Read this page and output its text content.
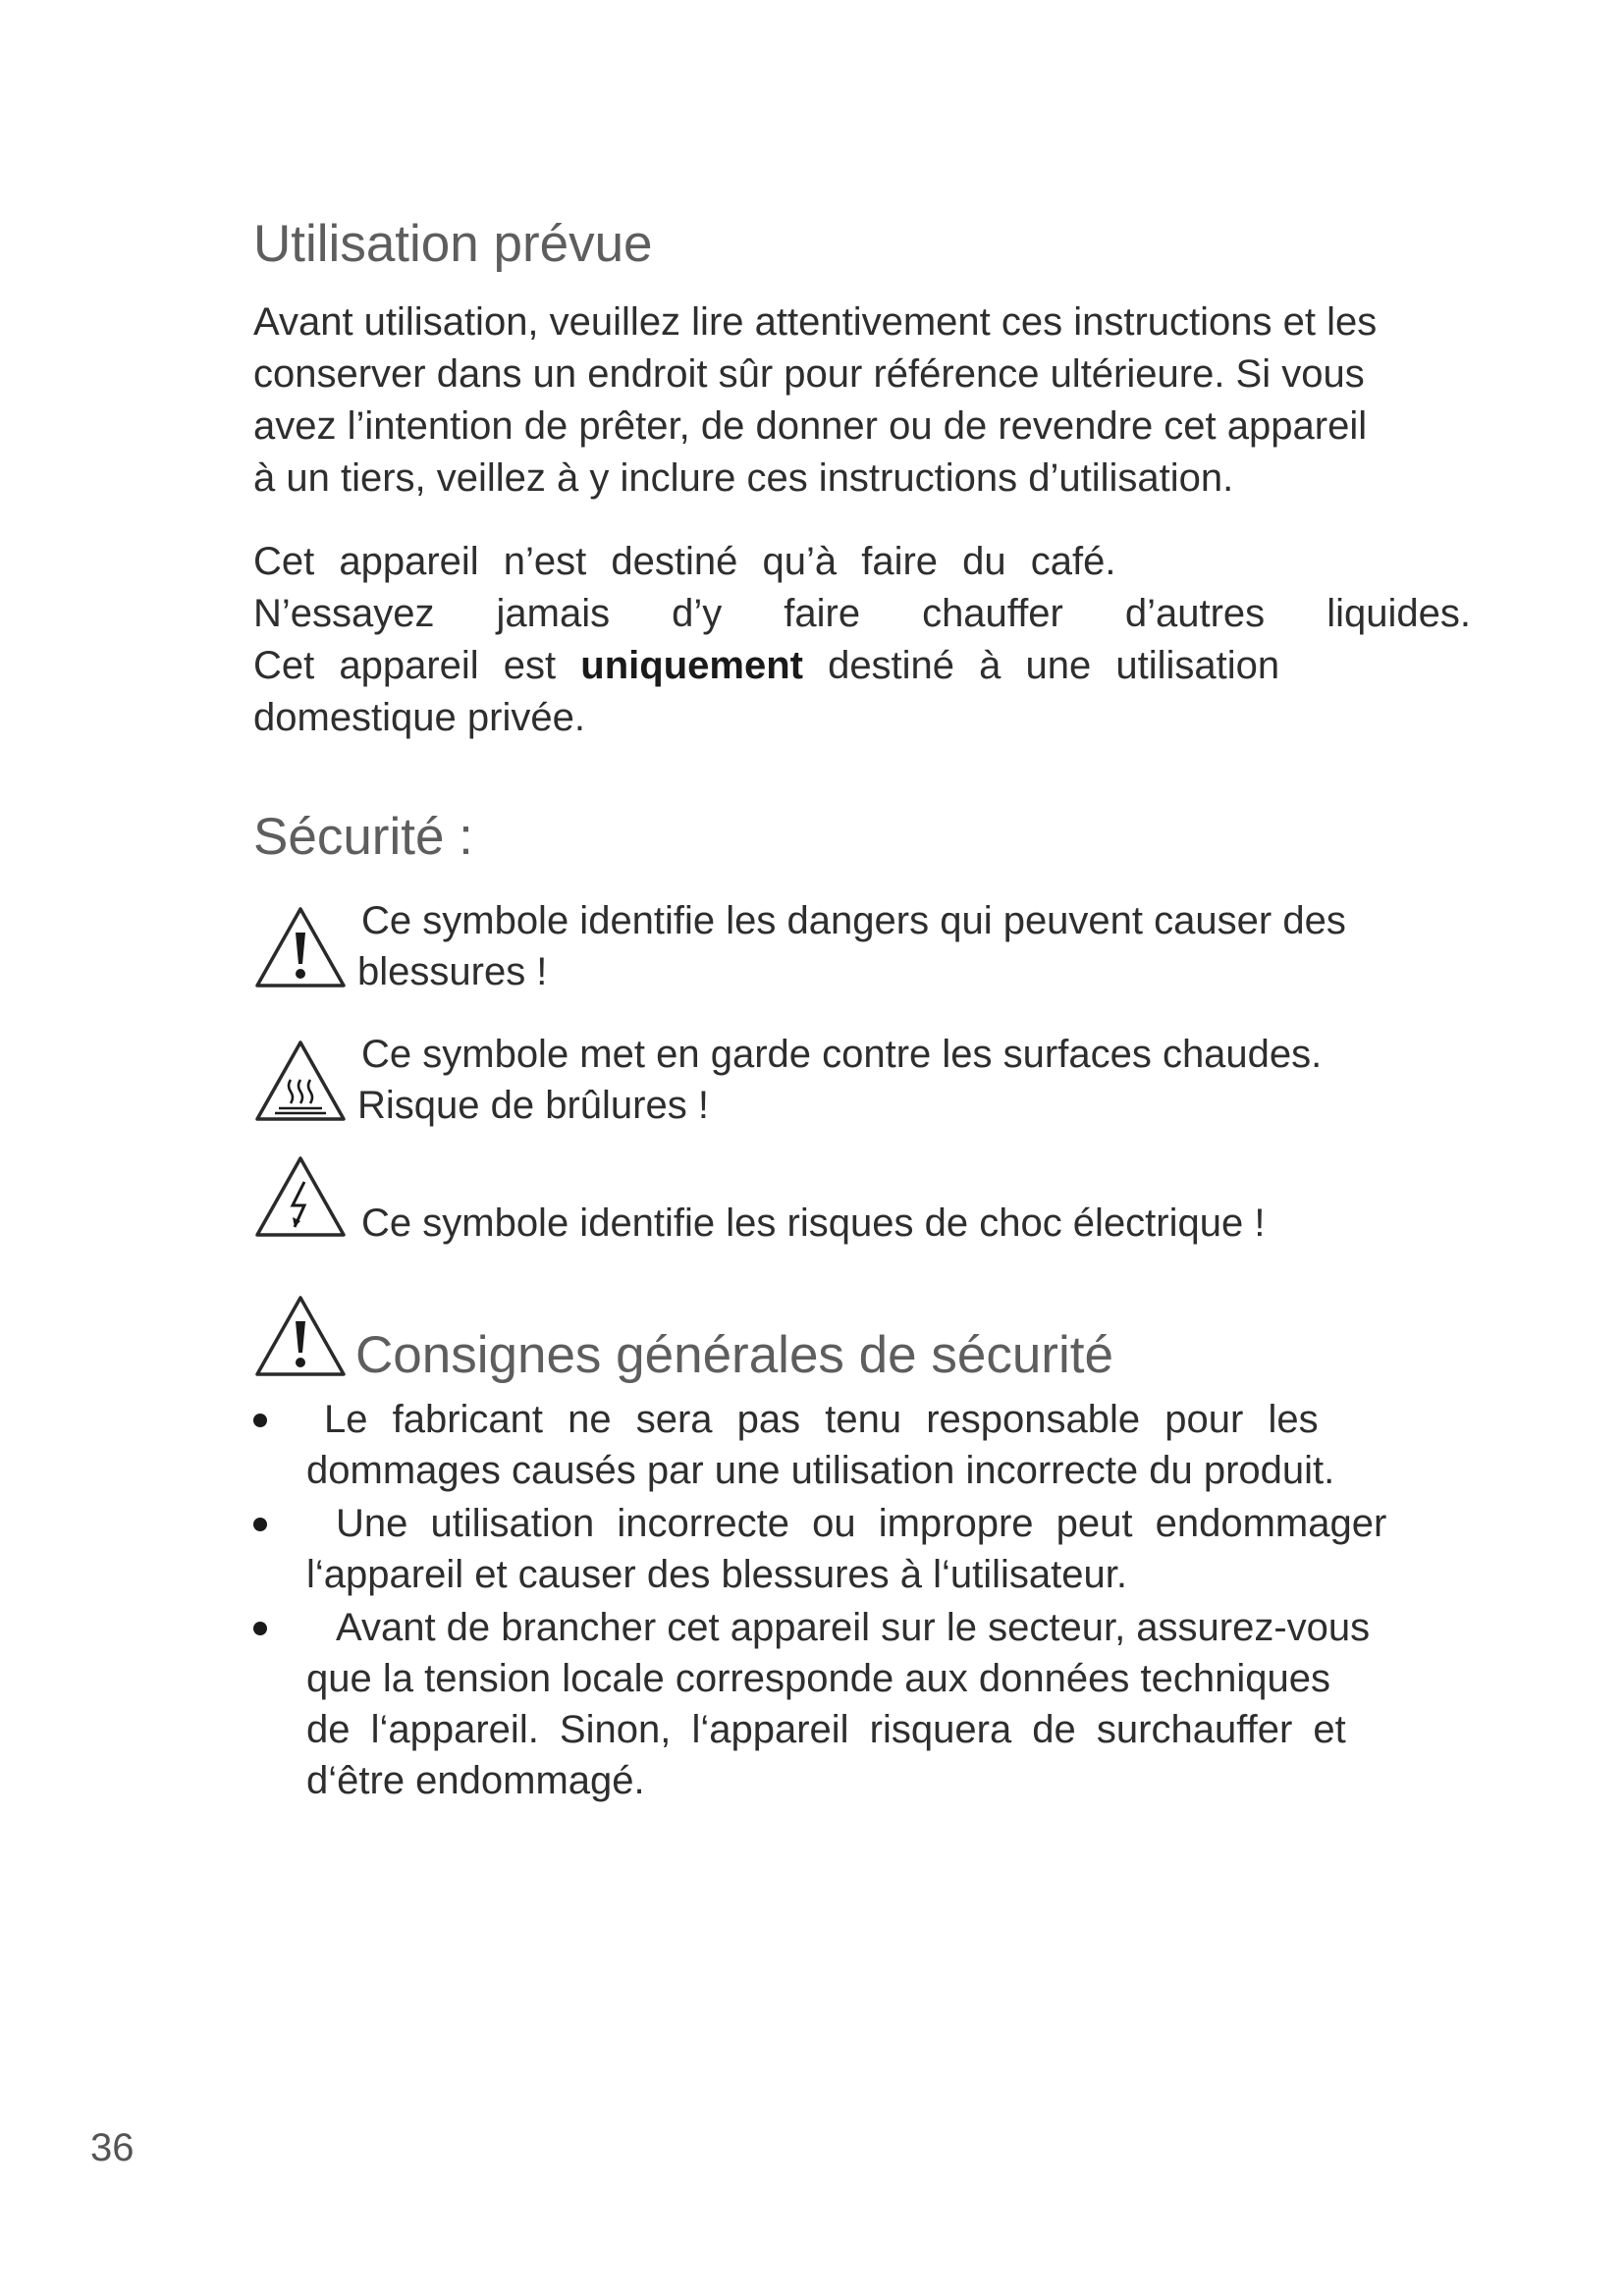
Utilisation prévue
Avant utilisation, veuillez lire attentivement ces instructions et les
conserver dans un endroit sûr pour référence ultérieure. Si vous
avez l’intention de prêter, de donner ou de revendre cet appareil
à un tiers, veillez à y inclure ces instructions d’utilisation.
Cet appareil n’est destiné qu’à faire du café.
N’essayez jamais d’y faire chauffer d’autres liquides.
Cet appareil est uniquement destiné à une utilisation
domestique privée.
Sécurité :
Ce symbole identifie les dangers qui peuvent causer des
blessures !
Ce symbole met en garde contre les surfaces chaudes.
Risque de brûlures !
Ce symbole identifie les risques de choc électrique !
Consignes générales de sécurité
Le fabricant ne sera pas tenu responsable pour les
dommages causés par une utilisation incorrecte du produit.
Une utilisation incorrecte ou impropre peut endommager
l‘appareil et causer des blessures à l‘utilisateur.
Avant de brancher cet appareil sur le secteur, assurez-vous
que la tension locale corresponde aux données techniques
de l‘appareil. Sinon, l‘appareil risquera de surchauffer et
d‘être endommagé.
36
